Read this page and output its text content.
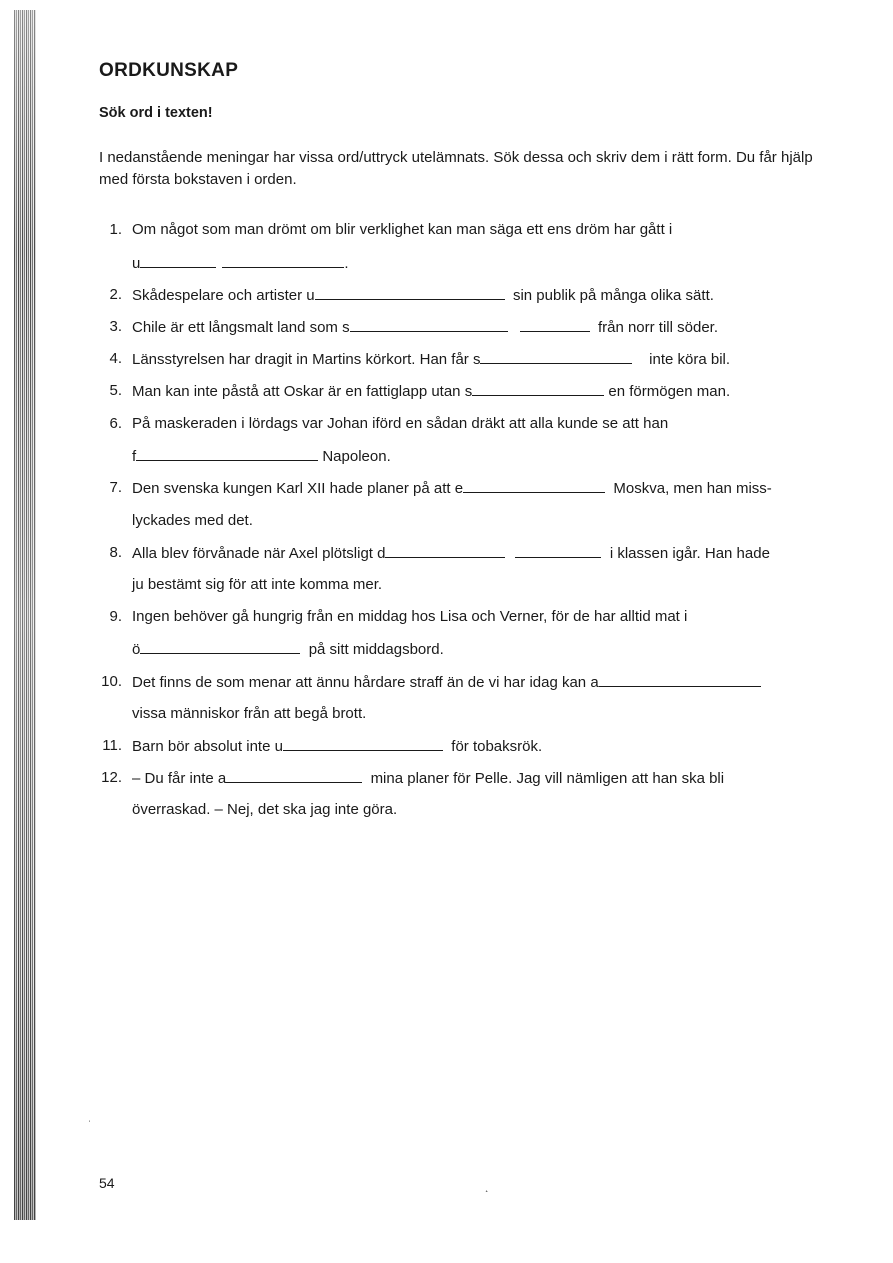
ORDKUNSKAP
Sök ord i texten!
I nedanstående meningar har vissa ord/uttryck utelämnats. Sök dessa och skriv dem i rätt form. Du får hjälp med första bokstaven i orden.
1. Om något som man drömt om blir verklighet kan man säga ett ens dröm har gått i
u	.
2. Skådespelare och artister u	sin publik på många olika sätt.
3. Chile är ett långsmalt land som s	från norr till söder.
4. Länsstyrelsen har dragit in Martins körkort. Han får s	inte köra bil.
5. Man kan inte påstå att Oskar är en fattiglapp utan s	en förmögen man.
6. På maskeraden i lördags var Johan iförd en sådan dräkt att alla kunde se att han
f	Napoleon.
7. Den svenska kungen Karl XII hade planer på att e	Moskva, men han miss-
lyckades med det.
8. Alla blev förvånade när Axel plötsligt d	i klassen igår. Han hade
ju bestämt sig för att inte komma mer.
9. Ingen behöver gå hungrig från en middag hos Lisa och Verner, för de har alltid mat i
ö	på sitt middagsbord.
10. Det finns de som menar att ännu hårdare straff än de vi har idag kan a
vissa människor från att begå brott.
11. Barn bör absolut inte u	för tobaksrök.
12. – Du får inte a	mina planer för Pelle. Jag vill nämligen att han ska bli
överraskad. – Nej, det ska jag inte göra.
ˌ
˖
54
